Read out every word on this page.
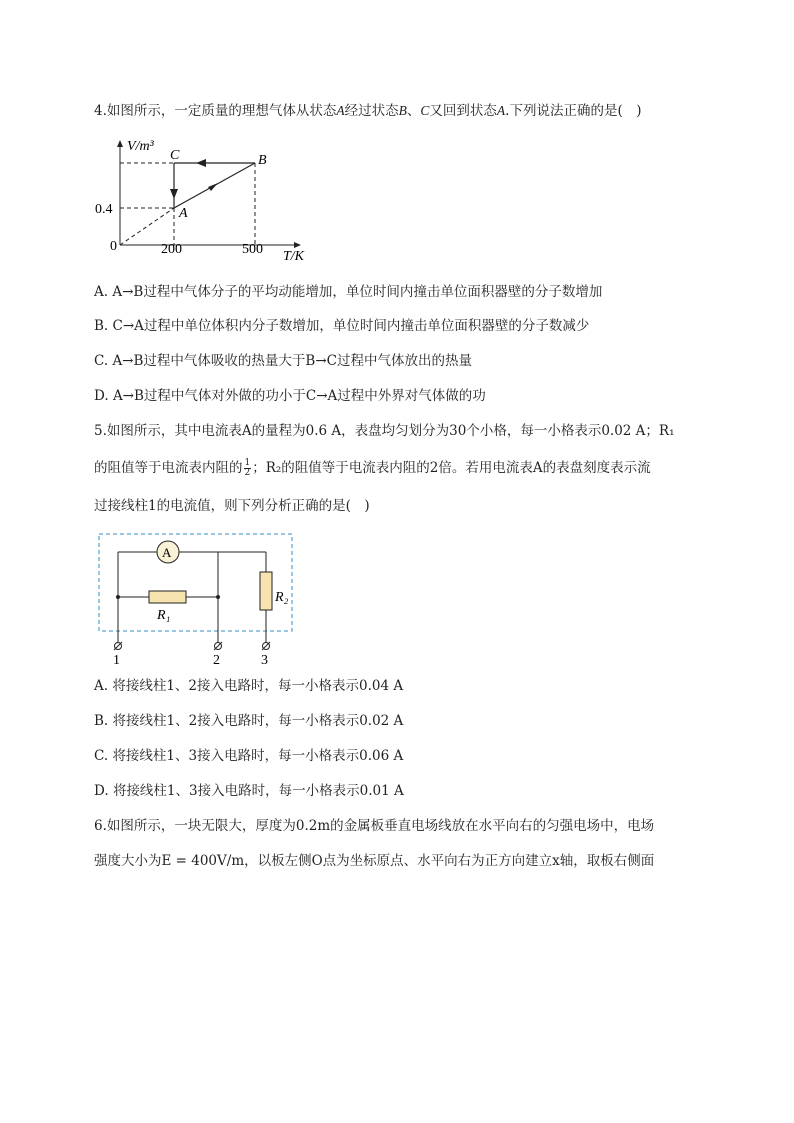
4.如图所示，一定质量的理想气体从状态A经过状态B、C又回到状态A.下列说法正确的是(　)
V/m³
T/K
0
0.4
200	500
A
B
C
A. A→B过程中气体分子的平均动能增加，单位时间内撞击单位面积器壁的分子数增加
B. C→A过程中单位体积内分子数增加，单位时间内撞击单位面积器壁的分子数减少
C. A→B过程中气体吸收的热量大于B→C过程中气体放出的热量
D. A→B过程中气体对外做的功小于C→A过程中外界对气体做的功
5.如图所示，其中电流表A的量程为0.6 A，表盘均匀划分为30个小格，每一小格表示0.02 A；R₁
的阻值等于电流表内阻的 $\frac{1}{2}$ ；R₂的阻值等于电流表内阻的2倍。若用电流表A的表盘刻度表示流
过接线柱1的电流值，则下列分析正确的是(　)
A
R₁
R₂
1	2	3
A. 将接线柱1、2接入电路时，每一小格表示0.04 A
B. 将接线柱1、2接入电路时，每一小格表示0.02 A
C. 将接线柱1、3接入电路时，每一小格表示0.06 A
D. 将接线柱1、3接入电路时，每一小格表示0.01 A
6.如图所示，一块无限大，厚度为0.2m的金属板垂直电场线放在水平向右的匀强电场中，电场
强度大小为E = 400V/m，以板左侧O点为坐标原点、水平向右为正方向建立x轴，取板右侧面
